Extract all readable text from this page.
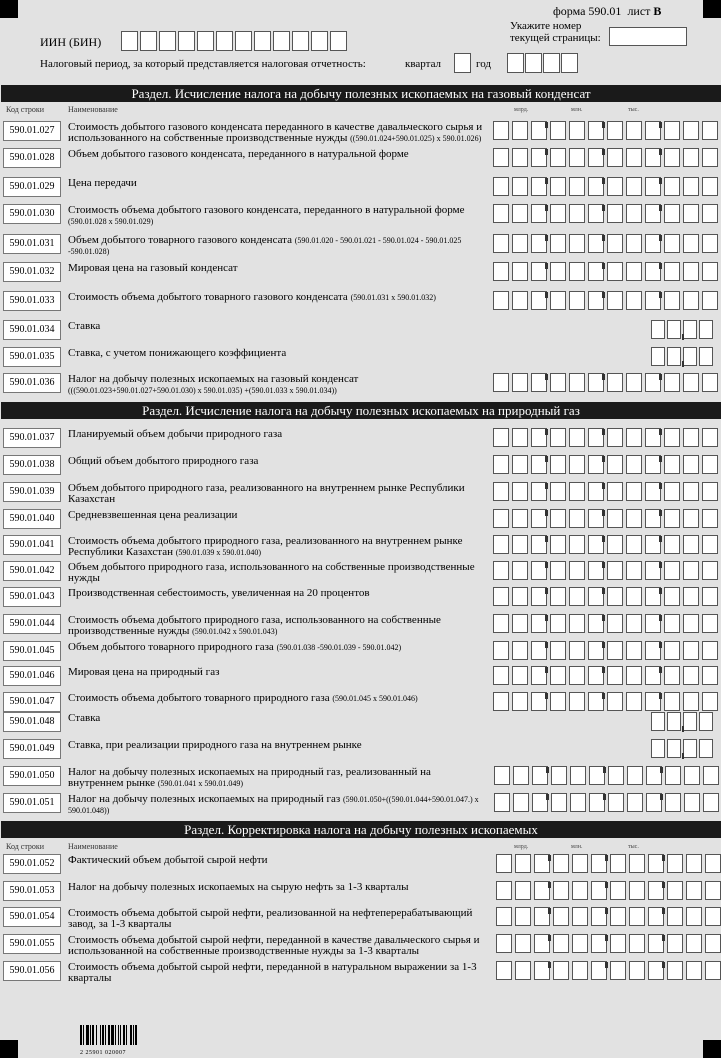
форма 590.01 лист B
ИИН (БИН)
Укажите номер
текущей страницы:
Налоговый период, за который представляется налоговая отчетность:	квартал	год
Раздел. Исчисление налога на добычу полезных ископаемых на газовый конденсат
Код строки	Наименование	млрд.	млн.	тыс.
590.01.027	Стоимость добытого газового конденсата переданного в качестве давальческого сырья и использованного на собственные производственные нужды ((590.01.024+590.01.025) x 590.01.026)
590.01.028	Объем добытого газового конденсата, переданного в натуральной форме
590.01.029	Цена передачи
590.01.030	Стоимость объема добытого газового конденсата, переданного в натуральной форме (590.01.028 x 590.01.029)
590.01.031	Объем добытого товарного газового конденсата (590.01.020 - 590.01.021 - 590.01.024 - 590.01.025 -590.01.028)
590.01.032	Мировая цена на газовый конденсат
590.01.033	Стоимость объема добытого товарного газового конденсата (590.01.031 x 590.01.032)
590.01.034	Ставка
590.01.035	Ставка, с учетом понижающего коэффициента
590.01.036	Налог на добычу полезных ископаемых на газовый конденсат (((590.01.023+590.01.027+590.01.030) x 590.01.035) +(590.01.033 x 590.01.034))
Раздел. Исчисление налога на добычу полезных ископаемых на природный газ
590.01.037	Планируемый объем добычи природного газа
590.01.038	Общий объем добытого природного газа
590.01.039	Объем добытого природного газа, реализованного на внутреннем рынке Республики Казахстан
590.01.040	Средневзвешенная цена реализации
590.01.041	Стоимость объема добытого природного газа, реализованного на внутреннем рынке Республики Казахстан (590.01.039 x 590.01.040)
590.01.042	Объем добытого природного газа, использованного на собственные производственные нужды
590.01.043	Производственная себестоимость, увеличенная на 20 процентов
590.01.044	Стоимость объема добытого природного газа, использованного на собственные производственные нужды (590.01.042 x 590.01.043)
590.01.045	Объем добытого товарного природного газа (590.01.038 -590.01.039 - 590.01.042)
590.01.046	Мировая цена на природный газ
590.01.047	Стоимость объема добытого товарного природного газа (590.01.045 x 590.01.046)
590.01.048	Ставка
590.01.049	Ставка, при реализации природного газа на внутреннем рынке
590.01.050	Налог на добычу полезных ископаемых на природный газ, реализованный на внутреннем рынке (590.01.041 x 590.01.049)
590.01.051	Налог на добычу полезных ископаемых на природный газ (590.01.050+((590.01.044+590.01.047.) x 590.01.048))
Раздел. Корректировка налога на добычу полезных ископаемых
Код строки	Наименование	млрд.	млн.	тыс.
590.01.052	Фактический объем добытой сырой нефти
590.01.053	Налог на добычу полезных ископаемых на сырую нефть за 1-3 кварталы
590.01.054	Стоимость объема добытой сырой нефти, реализованной на нефтеперерабатывающий завод, за 1-3 кварталы
590.01.055	Стоимость объема добытой сырой нефти, переданной в качестве давальческого сырья и использованной на собственные производственные нужды за 1-3 кварталы
590.01.056	Стоимость объема добытой сырой нефти, переданной в натуральном выражении за 1-3 кварталы
2 25901 020007
